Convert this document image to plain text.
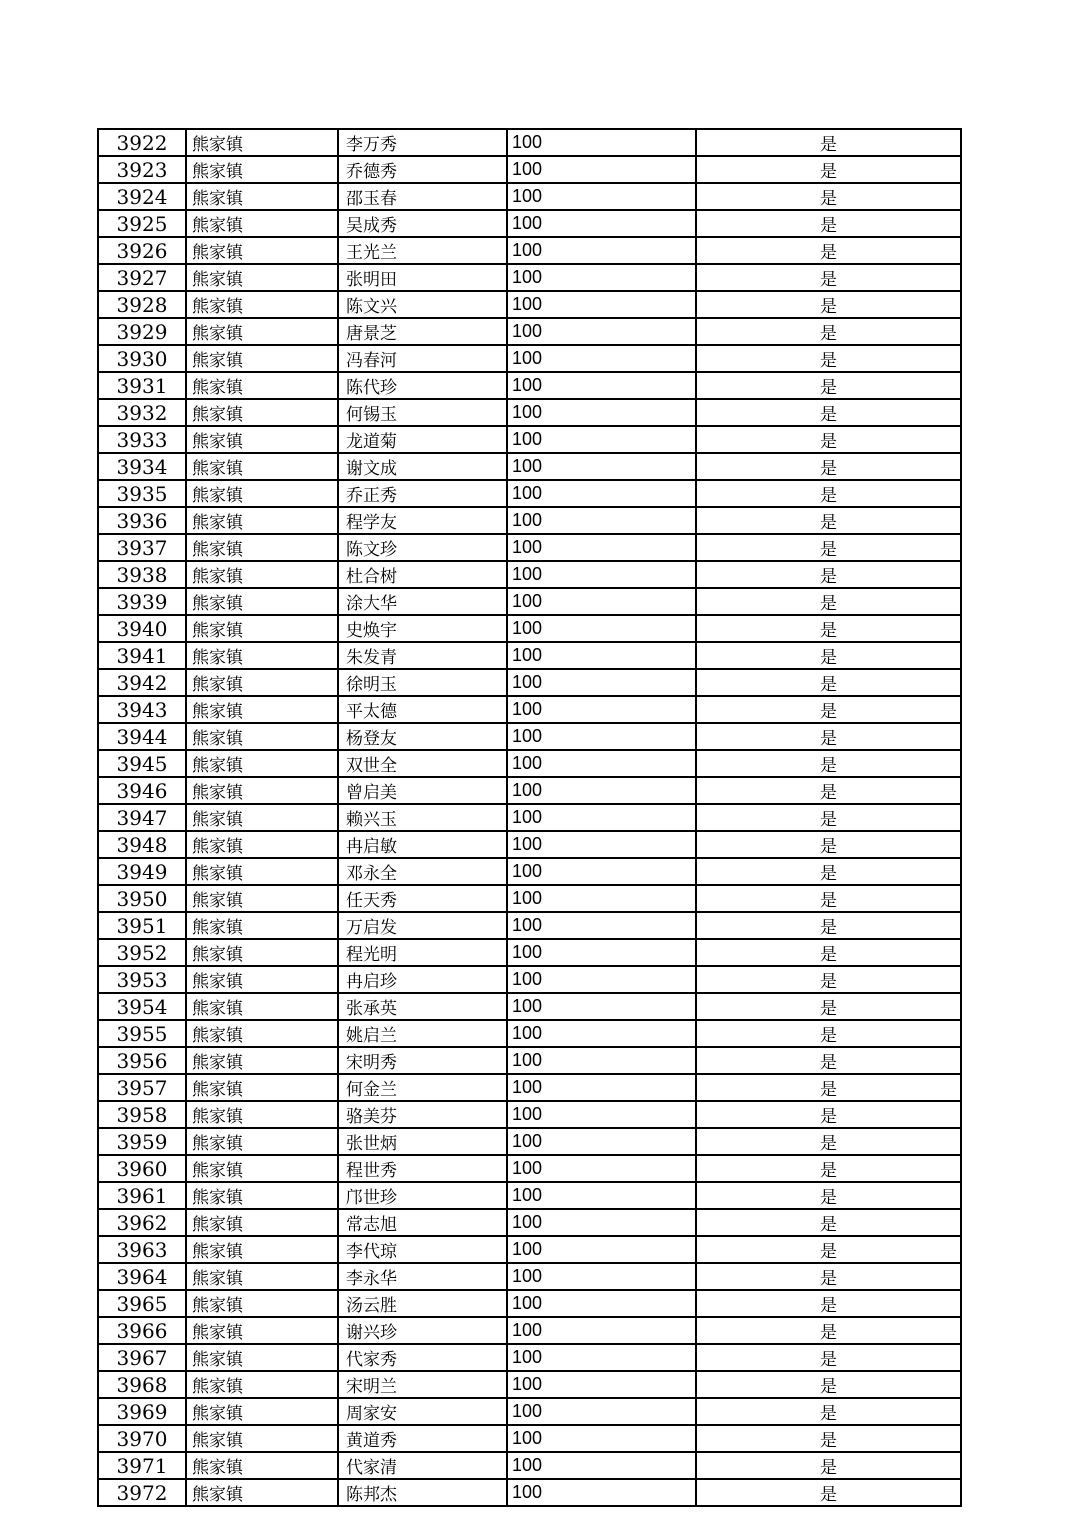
3922	熊家镇	李万秀	100	是
3923	熊家镇	乔德秀	100	是
3924	熊家镇	邵玉春	100	是
3925	熊家镇	吴成秀	100	是
3926	熊家镇	王光兰	100	是
3927	熊家镇	张明田	100	是
3928	熊家镇	陈文兴	100	是
3929	熊家镇	唐景芝	100	是
3930	熊家镇	冯春河	100	是
3931	熊家镇	陈代珍	100	是
3932	熊家镇	何锡玉	100	是
3933	熊家镇	龙道菊	100	是
3934	熊家镇	谢文成	100	是
3935	熊家镇	乔正秀	100	是
3936	熊家镇	程学友	100	是
3937	熊家镇	陈文珍	100	是
3938	熊家镇	杜合树	100	是
3939	熊家镇	涂大华	100	是
3940	熊家镇	史焕宇	100	是
3941	熊家镇	朱发青	100	是
3942	熊家镇	徐明玉	100	是
3943	熊家镇	平太德	100	是
3944	熊家镇	杨登友	100	是
3945	熊家镇	双世全	100	是
3946	熊家镇	曾启美	100	是
3947	熊家镇	赖兴玉	100	是
3948	熊家镇	冉启敏	100	是
3949	熊家镇	邓永全	100	是
3950	熊家镇	任天秀	100	是
3951	熊家镇	万启发	100	是
3952	熊家镇	程光明	100	是
3953	熊家镇	冉启珍	100	是
3954	熊家镇	张承英	100	是
3955	熊家镇	姚启兰	100	是
3956	熊家镇	宋明秀	100	是
3957	熊家镇	何金兰	100	是
3958	熊家镇	骆美芬	100	是
3959	熊家镇	张世炳	100	是
3960	熊家镇	程世秀	100	是
3961	熊家镇	邝世珍	100	是
3962	熊家镇	常志旭	100	是
3963	熊家镇	李代琼	100	是
3964	熊家镇	李永华	100	是
3965	熊家镇	汤云胜	100	是
3966	熊家镇	谢兴珍	100	是
3967	熊家镇	代家秀	100	是
3968	熊家镇	宋明兰	100	是
3969	熊家镇	周家安	100	是
3970	熊家镇	黄道秀	100	是
3971	熊家镇	代家清	100	是
3972	熊家镇	陈邦杰	100	是
